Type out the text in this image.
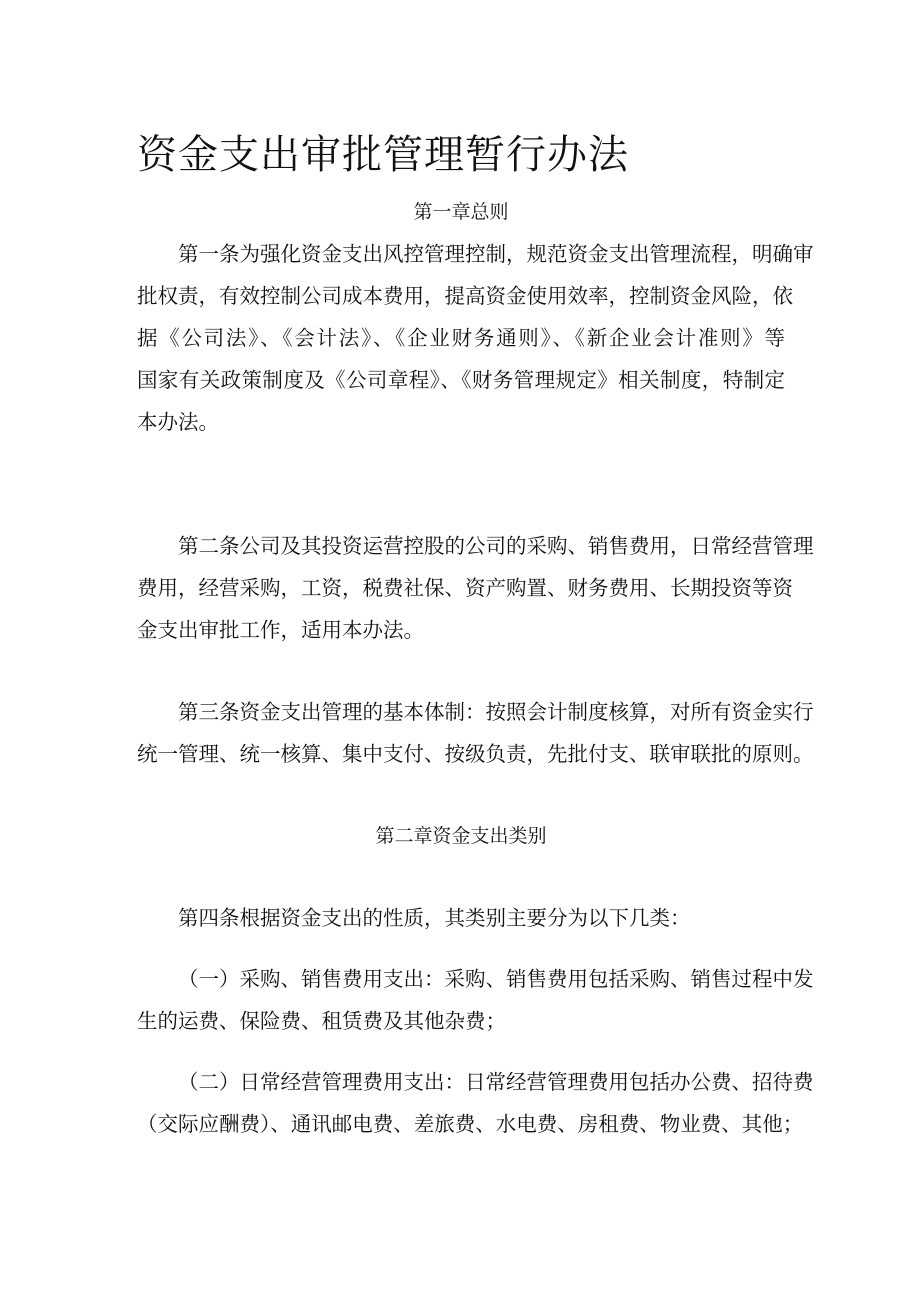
资金支出审批管理暂行办法
第一章总则
第二章资金支出类别
第一条为强化资金支出风控管理控制，规范资金支出管理流程，明确审
批权责，有效控制公司成本费用，提高资金使用效率，控制资金风险，依
据《公司法》、《会计法》、《企业财务通则》、《新企业会计准则》等
国家有关政策制度及《公司章程》、《财务管理规定》相关制度，特制定
本办法。
第二条公司及其投资运营控股的公司的采购、销售费用，日常经营管理
费用，经营采购，工资，税费社保、资产购置、财务费用、长期投资等资
金支出审批工作，适用本办法。
第三条资金支出管理的基本体制：按照会计制度核算，对所有资金实行
统一管理、统一核算、集中支付、按级负责，先批付支、联审联批的原则。
第四条根据资金支出的性质，其类别主要分为以下几类：
（一）采购、销售费用支出：采购、销售费用包括采购、销售过程中发
生的运费、保险费、租赁费及其他杂费；
（二）日常经营管理费用支出：日常经营管理费用包括办公费、招待费
（交际应酬费）、通讯邮电费、差旅费、水电费、房租费、物业费、其他；
